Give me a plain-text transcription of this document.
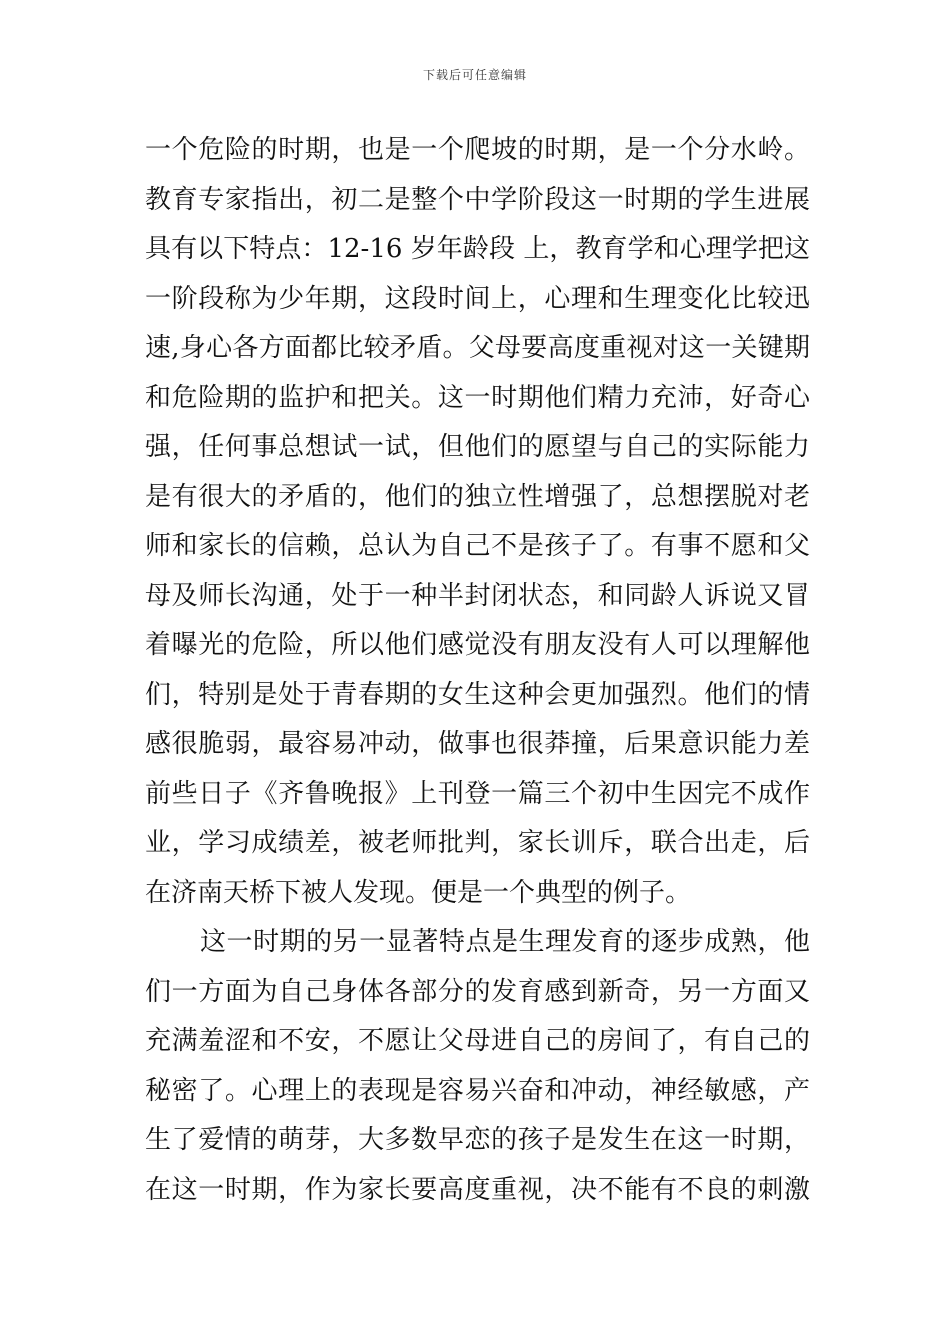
下载后可任意编辑
一个危险的时期，也是一个爬坡的时期，是一个分水岭。
教育专家指出，初二是整个中学阶段这一时期的学生进展
具有以下特点：12-16 岁年龄段 上，教育学和心理学把这
一阶段称为少年期，这段时间上，心理和生理变化比较迅
速,身心各方面都比较矛盾。父母要高度重视对这一关键期
和危险期的监护和把关。这一时期他们精力充沛，好奇心
强，任何事总想试一试，但他们的愿望与自己的实际能力
是有很大的矛盾的，他们的独立性增强了，总想摆脱对老
师和家长的信赖，总认为自己不是孩子了。有事不愿和父
母及师长沟通，处于一种半封闭状态，和同龄人诉说又冒
着曝光的危险，所以他们感觉没有朋友没有人可以理解他
们，特别是处于青春期的女生这种会更加强烈。他们的情
感很脆弱，最容易冲动，做事也很莽撞，后果意识能力差
前些日子《齐鲁晚报》上刊登一篇三个初中生因完不成作
业，学习成绩差，被老师批判，家长训斥，联合出走，后
在济南天桥下被人发现。便是一个典型的例子。
这一时期的另一显著特点是生理发育的逐步成熟，他
们一方面为自己身体各部分的发育感到新奇，另一方面又
充满羞涩和不安，不愿让父母进自己的房间了，有自己的
秘密了。心理上的表现是容易兴奋和冲动，神经敏感，产
生了爱情的萌芽，大多数早恋的孩子是发生在这一时期，
在这一时期，作为家长要高度重视，决不能有不良的刺激
